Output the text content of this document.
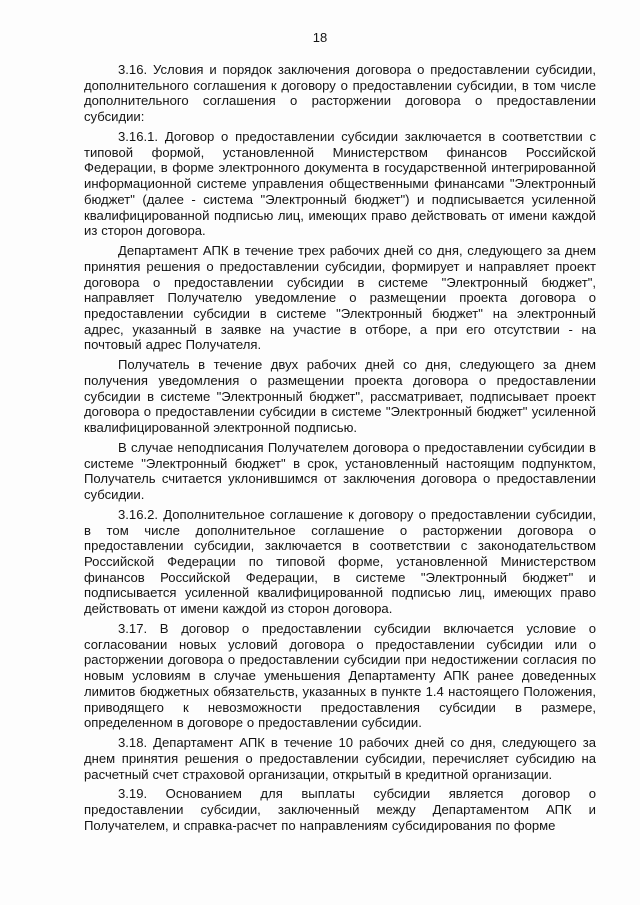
18

3.16. Условия и порядок заключения договора о предоставлении субсидии, дополнительного соглашения к договору о предоставлении субсидии, в том числе дополнительного соглашения о расторжении договора о предоставлении субсидии:

3.16.1. Договор о предоставлении субсидии заключается в соответствии с типовой формой, установленной Министерством финансов Российской Федерации, в форме электронного документа в государственной интегрированной информационной системе управления общественными финансами "Электронный бюджет" (далее - система "Электронный бюджет") и подписывается усиленной квалифицированной подписью лиц, имеющих право действовать от имени каждой из сторон договора.

Департамент АПК в течение трех рабочих дней со дня, следующего за днем принятия решения о предоставлении субсидии, формирует и направляет проект договора о предоставлении субсидии в системе "Электронный бюджет", направляет Получателю уведомление о размещении проекта договора о предоставлении субсидии в системе "Электронный бюджет" на электронный адрес, указанный в заявке на участие в отборе, а при его отсутствии - на почтовый адрес Получателя.

Получатель в течение двух рабочих дней со дня, следующего за днем получения уведомления о размещении проекта договора о предоставлении субсидии в системе "Электронный бюджет", рассматривает, подписывает проект договора о предоставлении субсидии в системе "Электронный бюджет" усиленной квалифицированной электронной подписью.

В случае неподписания Получателем договора о предоставлении субсидии в системе "Электронный бюджет" в срок, установленный настоящим подпунктом, Получатель считается уклонившимся от заключения договора о предоставлении субсидии.

3.16.2. Дополнительное соглашение к договору о предоставлении субсидии, в том числе дополнительное соглашение о расторжении договора о предоставлении субсидии, заключается в соответствии с законодательством Российской Федерации по типовой форме, установленной Министерством финансов Российской Федерации, в системе "Электронный бюджет" и подписывается усиленной квалифицированной подписью лиц, имеющих право действовать от имени каждой из сторон договора.

3.17. В договор о предоставлении субсидии включается условие о согласовании новых условий договора о предоставлении субсидии или о расторжении договора о предоставлении субсидии при недостижении согласия по новым условиям в случае уменьшения Департаменту АПК ранее доведенных лимитов бюджетных обязательств, указанных в пункте 1.4 настоящего Положения, приводящего к невозможности предоставления субсидии в размере, определенном в договоре о предоставлении субсидии.

3.18. Департамент АПК в течение 10 рабочих дней со дня, следующего за днем принятия решения о предоставлении субсидии, перечисляет субсидию на расчетный счет страховой организации, открытый в кредитной организации.

3.19. Основанием для выплаты субсидии является договор о предоставлении субсидии, заключенный между Департаментом АПК и Получателем, и справка-расчет по направлениям субсидирования по форме
